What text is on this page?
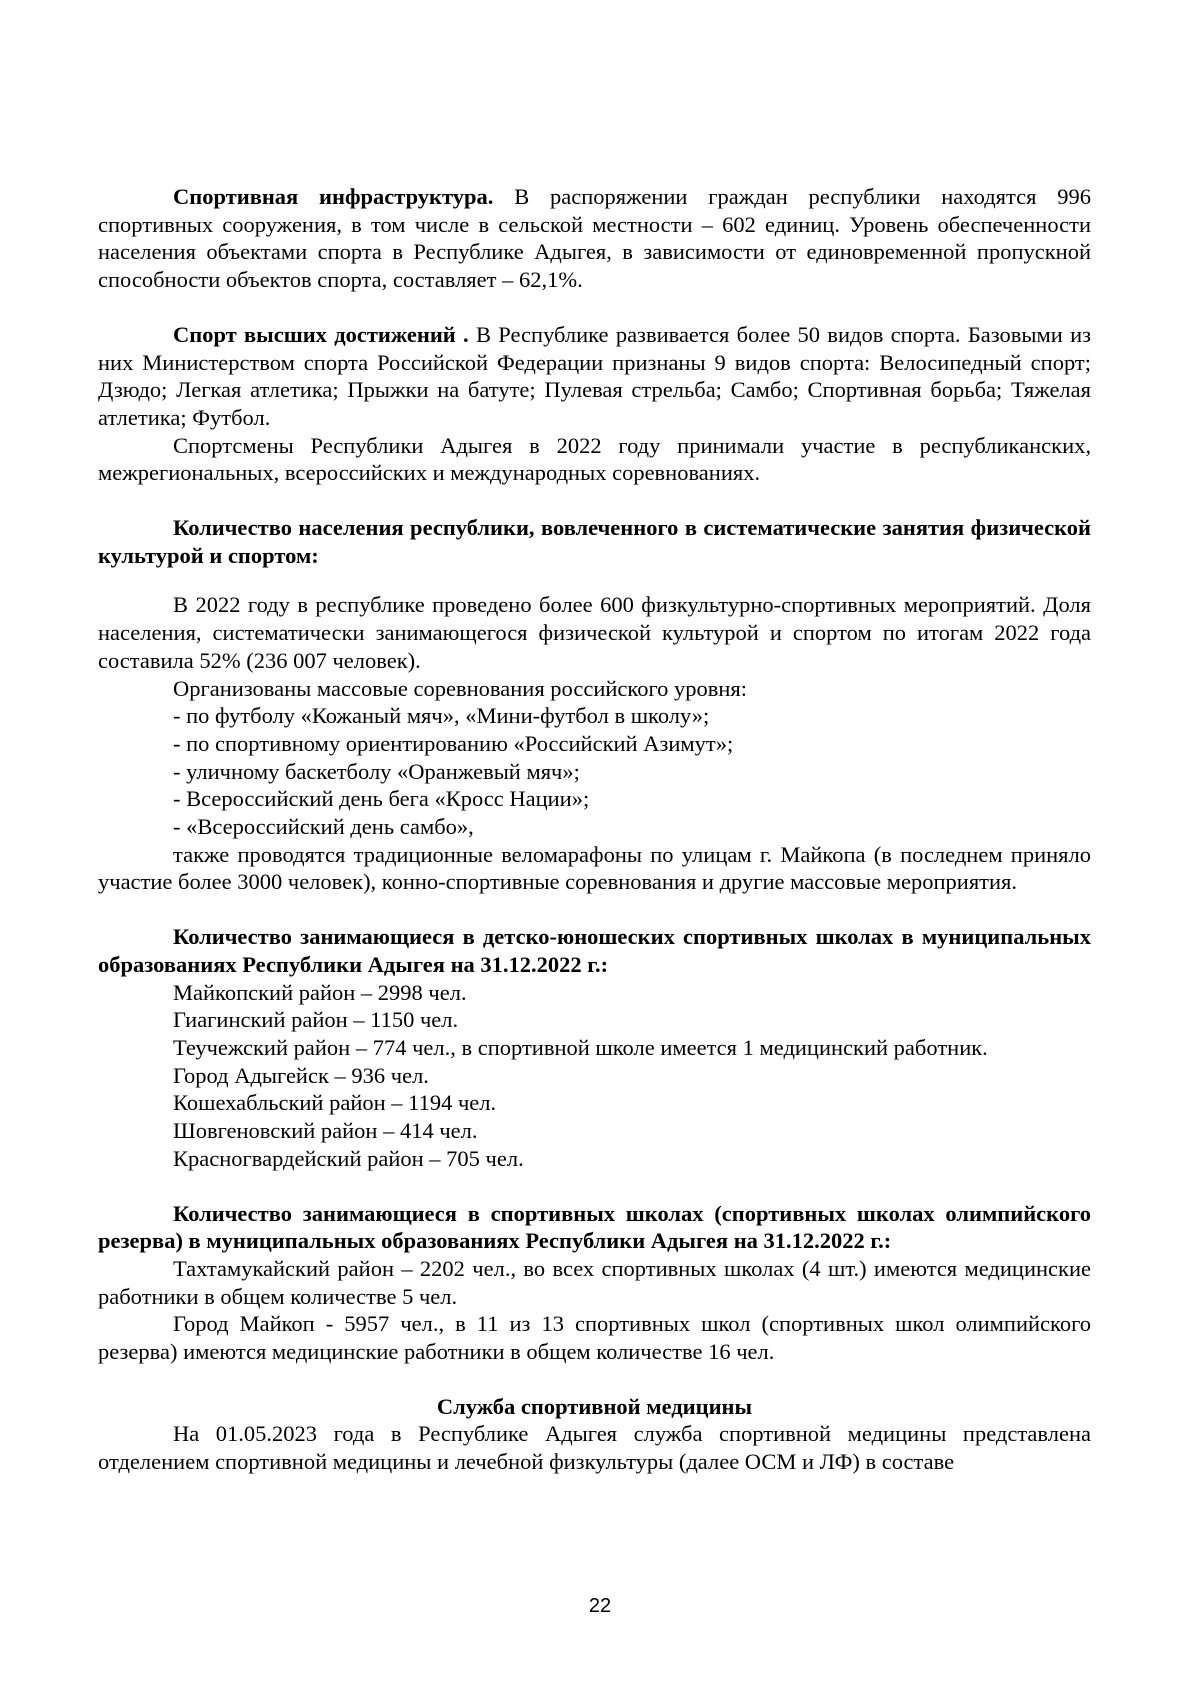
Спортивная инфраструктура. В распоряжении граждан республики находятся 996 спортивных сооружения, в том числе в сельской местности – 602 единиц. Уровень обеспеченности населения объектами спорта в Республике Адыгея, в зависимости от единовременной пропускной способности объектов спорта, составляет – 62,1%.

Спорт высших достижений . В Республике развивается более 50 видов спорта. Базовыми из них Министерством спорта Российской Федерации признаны 9 видов спорта: Велосипедный спорт; Дзюдо; Легкая атлетика; Прыжки на батуте; Пулевая стрельба; Самбо; Спортивная борьба; Тяжелая атлетика; Футбол.

Спортсмены Республики Адыгея в 2022 году принимали участие в республиканских, межрегиональных, всероссийских и международных соревнованиях.

Количество населения республики, вовлеченного в систематические занятия физической культурой и спортом:

В 2022 году в республике проведено более 600 физкультурно-спортивных мероприятий. Доля населения, систематически занимающегося физической культурой и спортом по итогам 2022 года составила 52% (236 007 человек).

Организованы массовые соревнования российского уровня:

- по футболу «Кожаный мяч», «Мини-футбол в школу»;

- по спортивному ориентированию «Российский Азимут»;

- уличному баскетболу «Оранжевый мяч»;

- Всероссийский день бега «Кросс Нации»;

- «Всероссийский день самбо»,

также проводятся традиционные веломарафоны по улицам г. Майкопа (в последнем приняло участие более 3000 человек), конно-спортивные соревнования и другие массовые мероприятия.

Количество занимающиеся в детско-юношеских спортивных школах в муниципальных образованиях Республики Адыгея на 31.12.2022 г.:

Майкопский район – 2998 чел.

Гиагинский район – 1150 чел.

Теучежский район – 774 чел., в спортивной школе имеется 1 медицинский работник.

Город Адыгейск – 936 чел.

Кошехабльский район – 1194 чел.

Шовгеновский район – 414 чел.

Красногвардейский район – 705 чел.

Количество занимающиеся в спортивных школах (спортивных школах олимпийского резерва) в муниципальных образованиях Республики Адыгея на 31.12.2022 г.:

Тахтамукайский район – 2202 чел., во всех спортивных школах (4 шт.) имеются медицинские работники в общем количестве 5 чел.

Город Майкоп - 5957 чел., в 11 из 13 спортивных школ (спортивных школ олимпийского резерва) имеются медицинские работники в общем количестве 16 чел.

Служба спортивной медицины

На 01.05.2023 года в Республике Адыгея служба спортивной медицины представлена отделением спортивной медицины и лечебной физкультуры (далее ОСМ и ЛФ) в составе

22
